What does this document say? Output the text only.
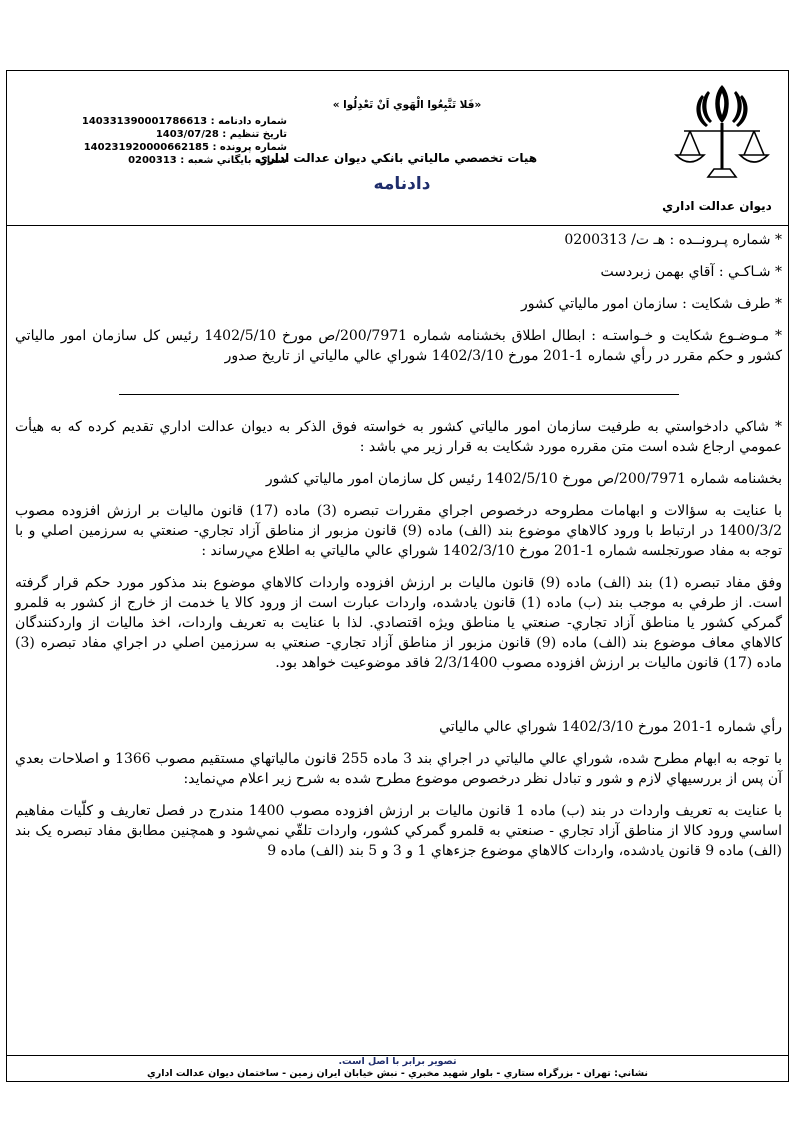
ديوان عدالت اداري
«فَلا تَتَّبِعُوا الْهَوي اَنْ تَعْدِلُوا »
هيات تخصصي مالياتي بانكي ديوان عدالت اداري
دادنامه
شماره دادنامه : 140331390001786613
تاريخ تنظيم : 1403/07/28
شماره پرونده : 140231920000662185
شماره بايگاني شعبه : 0200313

* شماره پـرونــده : هـ ت/ 0200313

* شـاكـي : آقاي بهمن زبردست

* طرف شكايت : سازمان امور مالياتي كشور

* مـوضـوع شكايت و خـواستـه : ابطال اطلاق بخشنامه شماره 200/7971/ص مورخ 1402/5/10 رئيس كل سازمان امور مالياتي كشور و حكم مقرر در رأي شماره 1-201 مورخ 1402/3/10 شوراي عالي مالياتي از تاريخ صدور

* شاكي دادخواستي به طرفيت سازمان امور مالياتي كشور به خواسته فوق الذكر به ديوان عدالت اداري تقديم كرده كه به هيأت عمومي ارجاع شده است متن مقرره مورد شكايت به قرار زير مي باشد :

بخشنامه شماره 200/7971/ص مورخ 1402/5/10 رئيس كل سازمان امور مالياتي كشور

با عنايت به سؤالات و ابهامات مطروحه درخصوص اجراي مقررات تبصره (3) ماده (17) قانون ماليات بر ارزش افزوده مصوب 1400/3/2 در ارتباط با ورود كالاهاي موضوع بند (الف) ماده (9) قانون مزبور از مناطق آزاد تجاري- صنعتي به سرزمين اصلي و با توجه به مفاد صورتجلسه شماره 1-201 مورخ 1402/3/10 شوراي عالي مالياتي به اطلاع مي‌رساند :

وفق مفاد تبصره (1) بند (الف) ماده (9) قانون ماليات بر ارزش افزوده واردات كالاهاي موضوع بند مذكور مورد حكم قرار گرفته است. از طرفي به موجب بند (ب) ماده (1) قانون يادشده، واردات عبارت است از ورود كالا يا خدمت از خارج از كشور به قلمرو گمركي كشور يا مناطق آزاد تجاري- صنعتي يا مناطق ويژه اقتصادي. لذا با عنايت به تعريف واردات، اخذ ماليات از واردكنندگان كالاهاي معاف موضوع بند (الف) ماده (9) قانون مزبور از مناطق آزاد تجاري- صنعتي به سرزمين اصلي در اجراي مفاد تبصره (3) ماده (17) قانون ماليات بر ارزش افزوده مصوب 2/3/1400 فاقد موضوعيت خواهد بود.

رأي شماره 1-201 مورخ 1402/3/10 شوراي عالي مالياتي

با توجه به ابهام مطرح شده، شوراي عالي مالياتي در اجراي بند 3 ماده 255 قانون مالياتهاي مستقيم مصوب 1366 و اصلاحات بعدي آن پس از بررسيهاي لازم و شور و تبادل نظر درخصوص موضوع مطرح شده به شرح زير اعلام مي‌نمايد:

با عنايت به تعريف واردات در بند (ب) ماده 1 قانون ماليات بر ارزش افزوده مصوب 1400 مندرج در فصل تعاريف و كلّيات مفاهيم اساسي ورود كالا از مناطق آزاد تجاري - صنعتي به قلمرو گمركي كشور، واردات تلقّي نمي‌شود و همچنين مطابق مفاد تبصره يک بند (الف) ماده 9 قانون يادشده، واردات كالاهاي موضوع جزءهاي 1 و 3 و 5 بند (الف) ماده 9

تصوير برابر با اصل است.
نشاني: تهران - بزرگراه ستاري - بلوار شهيد مخبري - نبش خيابان ايران زمين - ساختمان ديوان عدالت اداري
